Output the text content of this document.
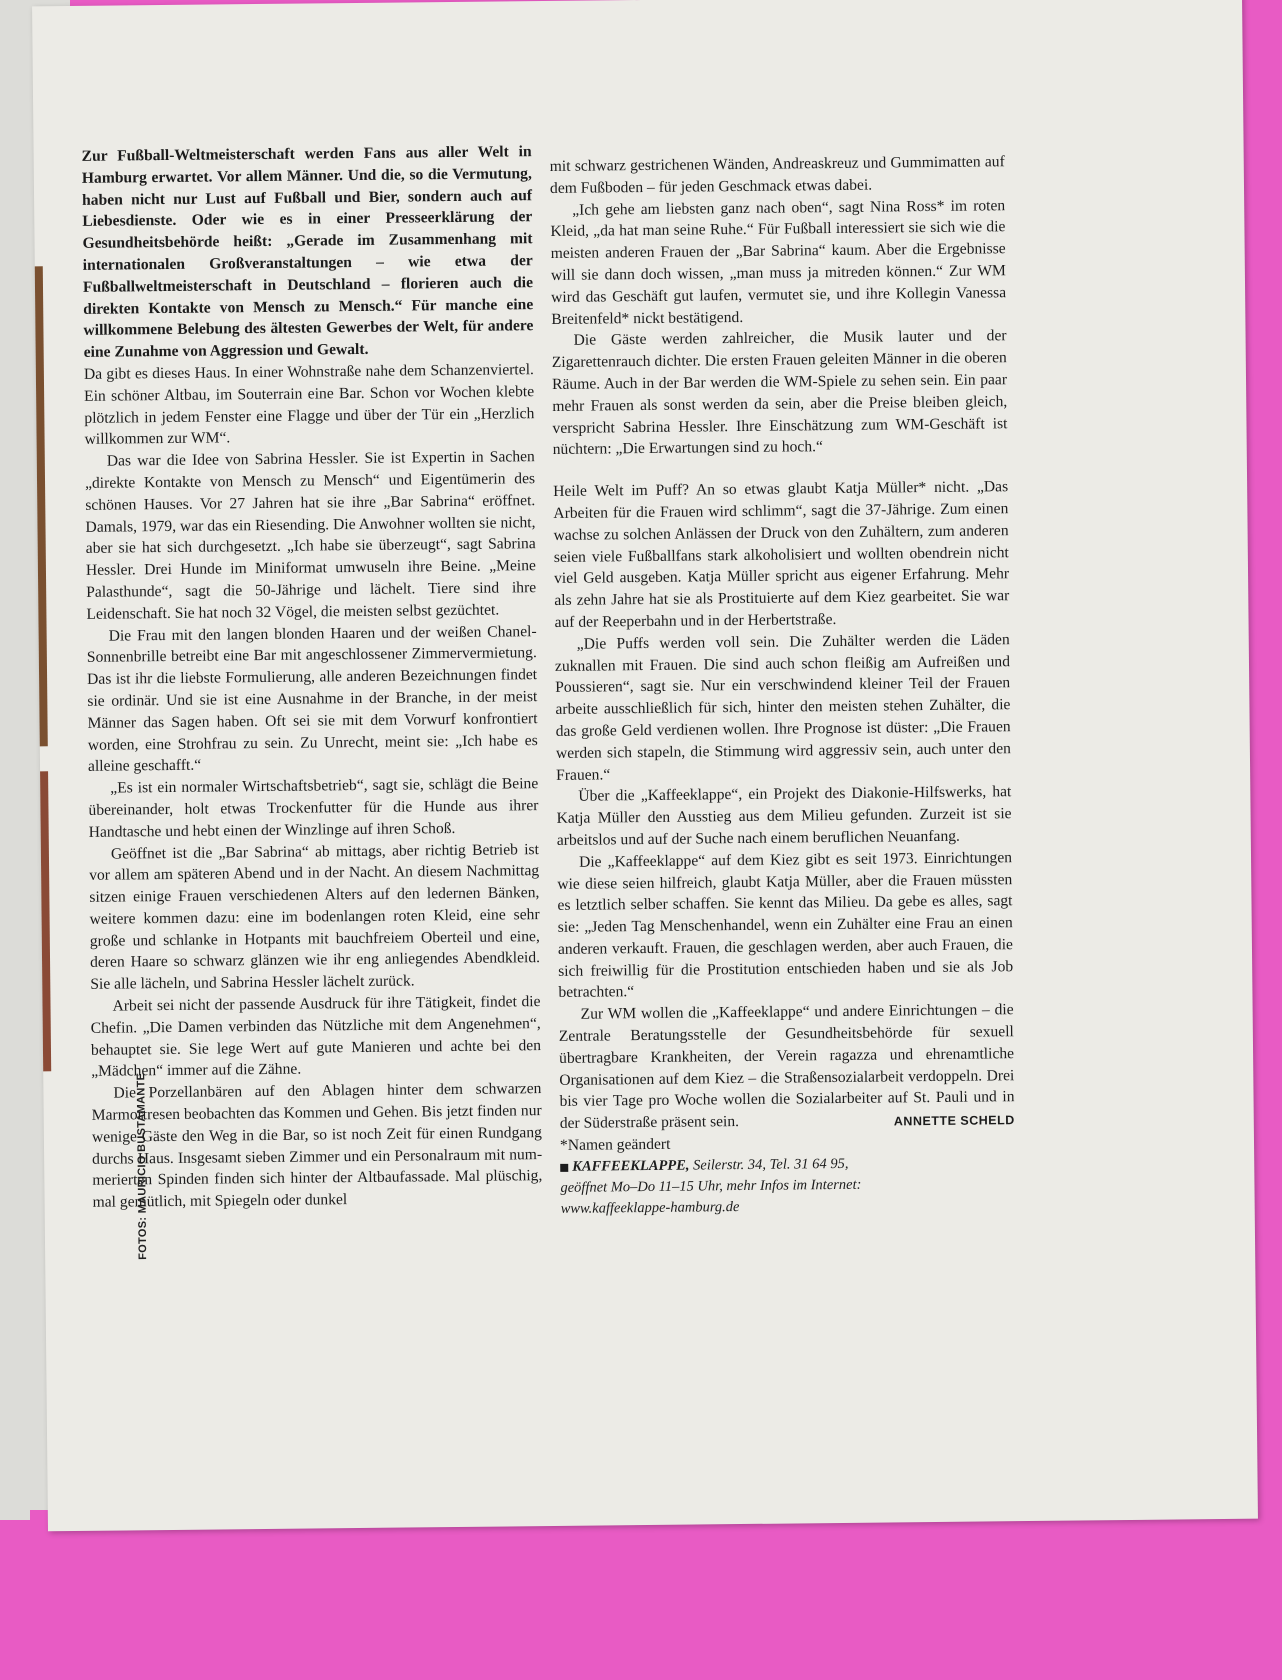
FOTOS: MAURICIO BUSTAMANTE

Zur Fußball-Weltmeisterschaft werden Fans aus aller Welt in Hamburg erwartet. Vor allem Männer. Und die, so die Vermutung, haben nicht nur Lust auf Fußball und Bier, sondern auch auf Liebesdienste. Oder wie es in einer Presseerklärung der Gesundheitsbehörde heißt: „Gerade im Zusammenhang mit internationalen Großveranstaltungen – wie etwa der Fußballweltmeisterschaft in Deutschland – florieren auch die direkten Kontakte von Mensch zu Mensch.“ Für manche eine willkommene Belebung des ältesten Gewerbes der Welt, für andere eine Zunahme von Aggression und Gewalt.

Da gibt es dieses Haus. In einer Wohnstraße nahe dem Schanzenviertel. Ein schöner Altbau, im Souterrain eine Bar. Schon vor Wochen klebte plötzlich in jedem Fenster eine Flagge und über der Tür ein „Herzlich willkommen zur WM“.

Das war die Idee von Sabrina Hessler. Sie ist Expertin in Sachen „direkte Kontakte von Mensch zu Mensch“ und Eigentümerin des schönen Hauses. Vor 27 Jahren hat sie ihre „Bar Sabrina“ eröffnet. Damals, 1979, war das ein Riesending. Die Anwohner wollten sie nicht, aber sie hat sich durchgesetzt. „Ich habe sie überzeugt“, sagt Sabrina Hessler. Drei Hunde im Miniformat umwuseln ihre Beine. „Meine Palasthunde“, sagt die 50-Jährige und lächelt. Tiere sind ihre Leidenschaft. Sie hat noch 32 Vögel, die meisten selbst gezüchtet.

Die Frau mit den langen blonden Haaren und der weißen Chanel-Sonnenbrille betreibt eine Bar mit angeschlossener Zimmervermietung. Das ist ihr die liebste Formulierung, alle anderen Bezeichnungen findet sie ordinär. Und sie ist eine Ausnahme in der Branche, in der meist Männer das Sagen haben. Oft sei sie mit dem Vorwurf konfrontiert worden, eine Strohfrau zu sein. Zu Unrecht, meint sie: „Ich habe es alleine geschafft.“

„Es ist ein normaler Wirtschaftsbetrieb“, sagt sie, schlägt die Beine übereinander, holt etwas Trockenfutter für die Hunde aus ihrer Handtasche und hebt einen der Winzlinge auf ihren Schoß.

Geöffnet ist die „Bar Sabrina“ ab mittags, aber richtig Betrieb ist vor allem am späteren Abend und in der Nacht. An diesem Nachmittag sitzen einige Frauen verschiedenen Alters auf den ledernen Bänken, weitere kommen dazu: eine im bodenlangen roten Kleid, eine sehr große und schlanke in Hotpants mit bauchfreiem Oberteil und eine, deren Haare so schwarz glänzen wie ihr eng anliegendes Abendkleid. Sie alle lächeln, und Sabrina Hessler lächelt zurück.

Arbeit sei nicht der passende Ausdruck für ihre Tätigkeit, findet die Chefin. „Die Damen verbinden das Nützliche mit dem Angenehmen“, behauptet sie. Sie lege Wert auf gute Manieren und achte bei den „Mädchen“ immer auf die Zähne.

Die Porzellanbären auf den Ablagen hinter dem schwarzen Marmortresen beobachten das Kommen und Gehen. Bis jetzt finden nur wenige Gäste den Weg in die Bar, so ist noch Zeit für einen Rundgang durchs Haus. Insgesamt sieben Zimmer und ein Personalraum mit nummerierten Spinden finden sich hinter der Altbaufassade. Mal plüschig, mal gemütlich, mit Spiegeln oder dunkel

mit schwarz gestrichenen Wänden, Andreaskreuz und Gummimatten auf dem Fußboden – für jeden Geschmack etwas dabei.

„Ich gehe am liebsten ganz nach oben“, sagt Nina Ross* im roten Kleid, „da hat man seine Ruhe.“ Für Fußball interessiert sie sich wie die meisten anderen Frauen der „Bar Sabrina“ kaum. Aber die Ergebnisse will sie dann doch wissen, „man muss ja mitreden können.“ Zur WM wird das Geschäft gut laufen, vermutet sie, und ihre Kollegin Vanessa Breitenfeld* nickt bestätigend.

Die Gäste werden zahlreicher, die Musik lauter und der Zigarettenrauch dichter. Die ersten Frauen geleiten Männer in die oberen Räume. Auch in der Bar werden die WM-Spiele zu sehen sein. Ein paar mehr Frauen als sonst werden da sein, aber die Preise bleiben gleich, verspricht Sabrina Hessler. Ihre Einschätzung zum WM-Geschäft ist nüchtern: „Die Erwartungen sind zu hoch.“

Heile Welt im Puff? An so etwas glaubt Katja Müller* nicht. „Das Arbeiten für die Frauen wird schlimm“, sagt die 37-Jährige. Zum einen wachse zu solchen Anlässen der Druck von den Zuhältern, zum anderen seien viele Fußballfans stark alkoholisiert und wollten obendrein nicht viel Geld ausgeben. Katja Müller spricht aus eigener Erfahrung. Mehr als zehn Jahre hat sie als Prostituierte auf dem Kiez gearbeitet. Sie war auf der Reeperbahn und in der Herbertstraße.

„Die Puffs werden voll sein. Die Zuhälter werden die Läden zuknallen mit Frauen. Die sind auch schon fleißig am Aufreißen und Poussieren“, sagt sie. Nur ein verschwindend kleiner Teil der Frauen arbeite ausschließlich für sich, hinter den meisten stehen Zuhälter, die das große Geld verdienen wollen. Ihre Prognose ist düster: „Die Frauen werden sich stapeln, die Stimmung wird aggressiv sein, auch unter den Frauen.“

Über die „Kaffeeklappe“, ein Projekt des Diakonie-Hilfswerks, hat Katja Müller den Ausstieg aus dem Milieu gefunden. Zurzeit ist sie arbeitslos und auf der Suche nach einem beruflichen Neuanfang.

Die „Kaffeeklappe“ auf dem Kiez gibt es seit 1973. Einrichtungen wie diese seien hilfreich, glaubt Katja Müller, aber die Frauen müssten es letztlich selber schaffen. Sie kennt das Milieu. Da gebe es alles, sagt sie: „Jeden Tag Menschenhandel, wenn ein Zuhälter eine Frau an einen anderen verkauft. Frauen, die geschlagen werden, aber auch Frauen, die sich freiwillig für die Prostitution entschieden haben und sie als Job betrachten.“

Zur WM wollen die „Kaffeeklappe“ und andere Einrichtungen – die Zentrale Beratungsstelle der Gesundheitsbehörde für sexuell übertragbare Krankheiten, der Verein ragazza und ehrenamtliche Organisationen auf dem Kiez – die Straßensozialarbeit verdoppeln. Drei bis vier Tage pro Woche wollen die Sozialarbeiter auf St. Pauli und in der Süderstraße präsent sein.	ANNETTE SCHELD

*Namen geändert

KAFFEEKLAPPE, Seilerstr. 34, Tel. 31 64 95,
geöffnet Mo–Do 11–15 Uhr, mehr Infos im Internet:
www.kaffeeklappe-hamburg.de
